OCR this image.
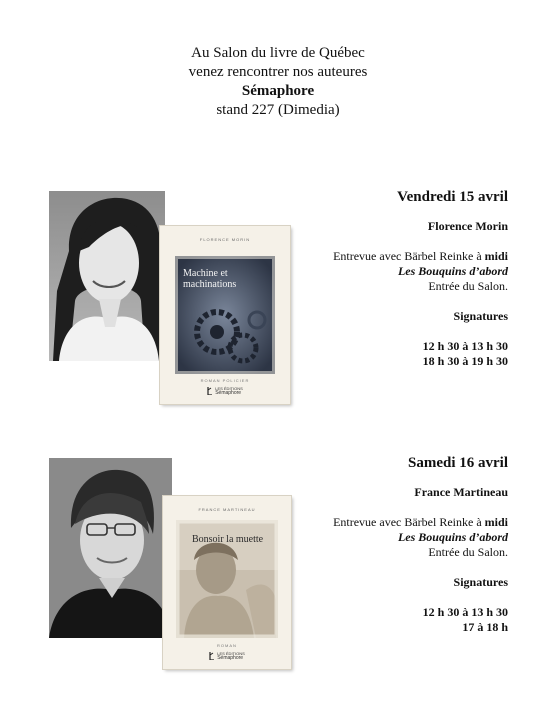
Au Salon du livre de Québec
venez rencontrer nos auteures
Sémaphore
stand 227 (Dimedia)
FLORENCE MORIN
Machine et
machinations
ROMAN POLICIER
LES ÉDITIONS
Sémaphore
Vendredi 15 avril
Florence Morin
Entrevue avec Bärbel Reinke à midi
Les Bouquins d’abord
Entrée du Salon.
Signatures
12 h 30 à 13 h 30
18 h 30 à 19 h 30
FRANCE MARTINEAU
Bonsoir la muette
ROMAN
LES ÉDITIONS
Sémaphore
Samedi 16 avril
France Martineau
Entrevue avec Bärbel Reinke à midi
Les Bouquins d’abord
Entrée du Salon.
Signatures
12 h 30 à 13 h 30
17 à 18 h
